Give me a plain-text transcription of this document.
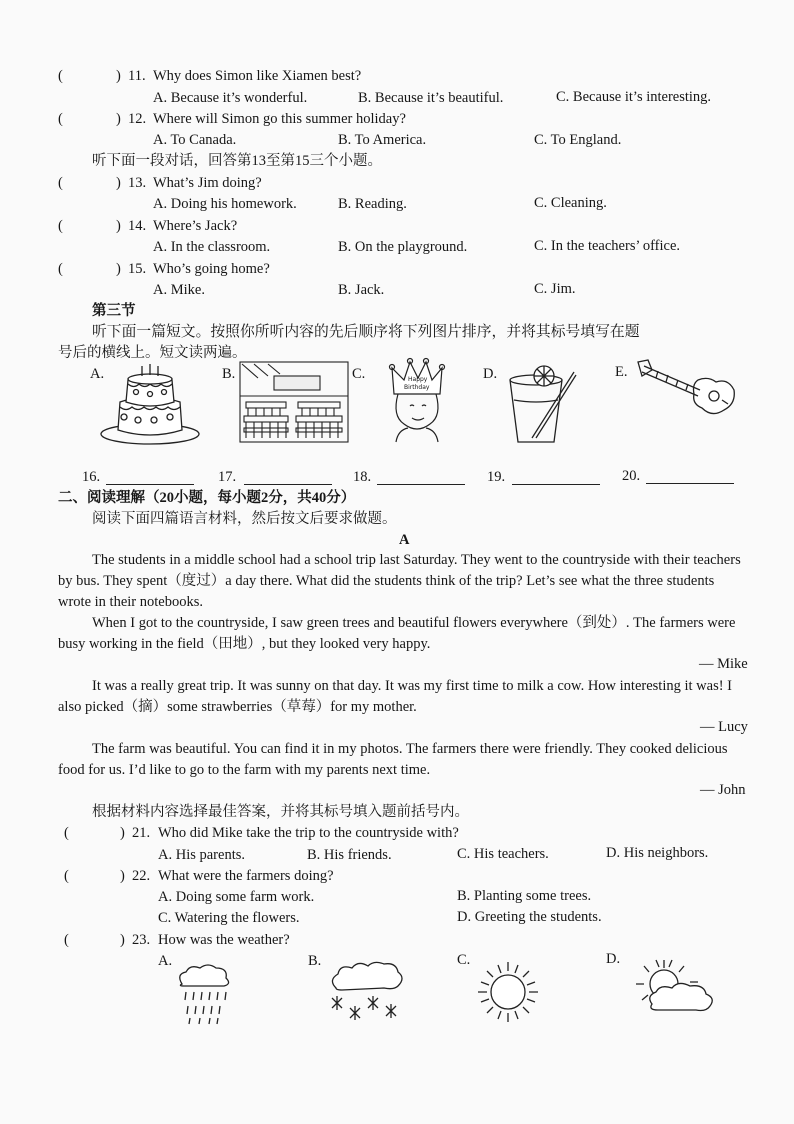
(	) 11. Why does Simon like Xiamen best?
A. Because it’s wonderful.	B. Because it’s beautiful.	C. Because it’s interesting.
(	) 12. Where will Simon go this summer holiday?
A. To Canada.	B. To America.	C. To England.
听下面一段对话，回答第13至第15三个小题。
(	) 13. What’s Jim doing?
A. Doing his homework.	B. Reading.	C. Cleaning.
(	) 14. Where’s Jack?
A. In the classroom.	B. On the playground.	C. In the teachers’ office.
(	) 15. Who’s going home?
A. Mike.	B. Jack.	C. Jim.
第三节
听下面一篇短文。按照你所听内容的先后顺序将下列图片排序，并将其标号填写在题
号后的横线上。短文读两遍。
A.	B.	C.	D.	E.
Happy
Birthday
16.	17.	18.	19.	20.
二、阅读理解（20小题，每小题2分，共40分）
阅读下面四篇语言材料，然后按文后要求做题。
A

The students in a middle school had a school trip last Saturday. They went to the countryside with their teachers by bus. They spent（度过）a day there. What did the students think of the trip? Let’s see what the three students wrote in their notebooks.

When I got to the countryside, I saw green trees and beautiful flowers everywhere（到处）. The farmers were busy working in the field（田地）, but they looked very happy.

— Mike

It was a really great trip. It was sunny on that day. It was my first time to milk a cow. How interesting it was! I also picked（摘）some strawberries（草莓）for my mother.

— Lucy

The farm was beautiful. You can find it in my photos. The farmers there were friendly. They cooked delicious food for us. I’d like to go to the farm with my parents next time.

— John
根据材料内容选择最佳答案，并将其标号填入题前括号内。
(	) 21. Who did Mike take the trip to the countryside with?
A. His parents.	B. His friends.	C. His teachers.	D. His neighbors.
(	) 22. What were the farmers doing?
A. Doing some farm work.	B. Planting some trees.
C. Watering the flowers.	D. Greeting the students.
(	) 23. How was the weather?
A.	B.	C.	D.
